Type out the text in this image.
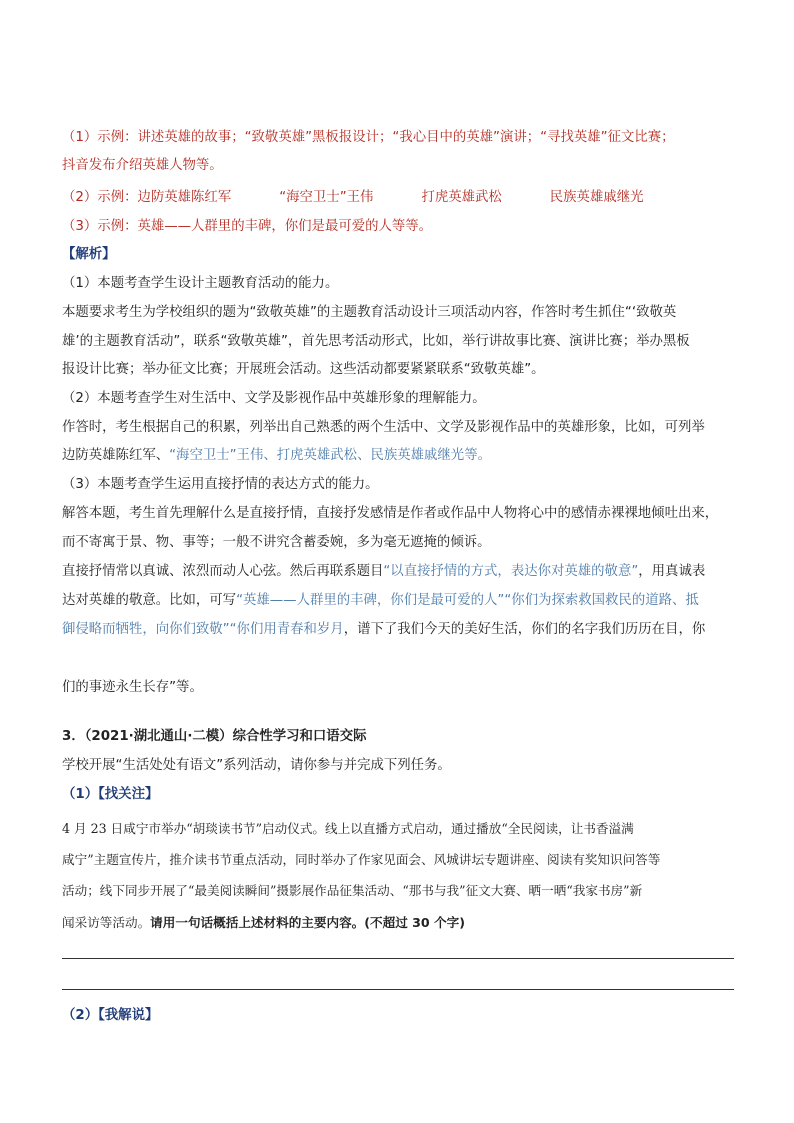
（1）示例：讲述英雄的故事；“致敬英雄”黑板报设计；“我心目中的英雄”演讲；“寻找英雄”征文比赛；
抖音发布介绍英雄人物等。
（2）示例：边防英雄陈红军	“海空卫士”王伟	打虎英雄武松	民族英雄戚继光
（3）示例：英雄——人群里的丰碑，你们是最可爱的人等等。
【解析】
（1）本题考查学生设计主题教育活动的能力。
本题要求考生为学校组织的题为“致敬英雄”的主题教育活动设计三项活动内容，作答时考生抓住“‘致敬英
雄’的主题教育活动”，联系“致敬英雄”，首先思考活动形式，比如，举行讲故事比赛、演讲比赛；举办黑板
报设计比赛；举办征文比赛；开展班会活动。这些活动都要紧紧联系“致敬英雄”。
（2）本题考查学生对生活中、文学及影视作品中英雄形象的理解能力。
作答时，考生根据自己的积累，列举出自己熟悉的两个生活中、文学及影视作品中的英雄形象，比如，可列举
边防英雄陈红军、“海空卫士”王伟、打虎英雄武松、民族英雄戚继光等。
（3）本题考查学生运用直接抒情的表达方式的能力。
解答本题，考生首先理解什么是直接抒情，直接抒发感情是作者或作品中人物将心中的感情赤裸裸地倾吐出来，
而不寄寓于景、物、事等；一般不讲究含蓄委婉，多为毫无遮掩的倾诉。
直接抒情常以真诚、浓烈而动人心弦。然后再联系题目“以直接抒情的方式，表达你对英雄的敬意”，用真诚表
达对英雄的敬意。比如，可写“英雄——人群里的丰碑，你们是最可爱的人”“你们为探索救国救民的道路、抵
御侵略而牺牲，向你们致敬”“你们用青春和岁月，谱下了我们今天的美好生活，你们的名字我们历历在目，你
们的事迹永生长存”等。
3．（2021·湖北通山·二模）综合性学习和口语交际
学校开展“生活处处有语文”系列活动，请你参与并完成下列任务。
（1）【找关注】
4 月 23 日咸宁市举办“胡琰读书节”启动仪式。线上以直播方式启动，通过播放“全民阅读，让书香溢满
咸宁”主题宣传片，推介读书节重点活动，同时举办了作家见面会、风城讲坛专题讲座、阅读有奖知识问答等
活动；线下同步开展了“最美阅读瞬间”摄影展作品征集活动、“那书与我”征文大赛、晒一晒“我家书房”新
闻采访等活动。请用一句话概括上述材料的主要内容。(不超过 30 个字)
（2）【我解说】
